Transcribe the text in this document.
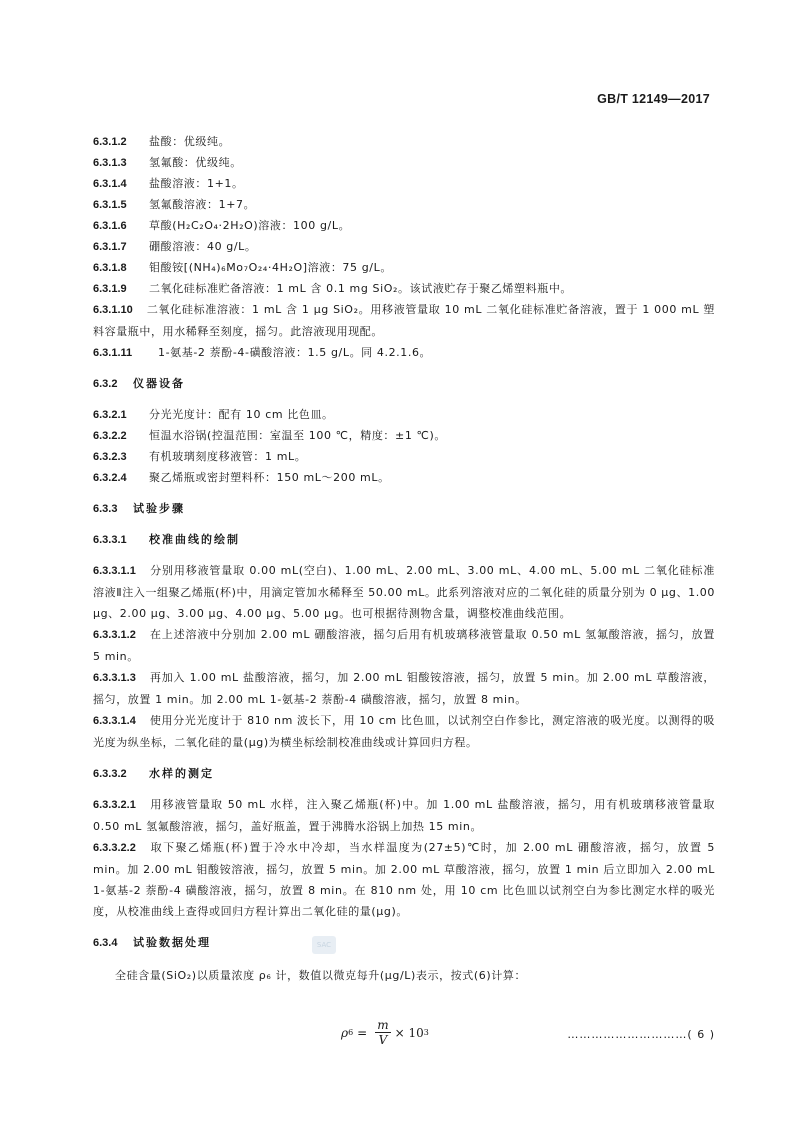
GB/T 12149—2017
6.3.1.2 盐酸：优级纯。
6.3.1.3 氢氟酸：优级纯。
6.3.1.4 盐酸溶液：1+1。
6.3.1.5 氢氟酸溶液：1+7。
6.3.1.6 草酸(H₂C₂O₄·2H₂O)溶液：100 g/L。
6.3.1.7 硼酸溶液：40 g/L。
6.3.1.8 钼酸铵[(NH₄)₆Mo₇O₂₄·4H₂O]溶液：75 g/L。
6.3.1.9 二氧化硅标准贮备溶液：1 mL 含 0.1 mg SiO₂。该试液贮存于聚乙烯塑料瓶中。
6.3.1.10 二氧化硅标准溶液：1 mL 含 1 μg SiO₂。用移液管量取 10 mL 二氧化硅标准贮备溶液，置于 1 000 mL 塑料容量瓶中，用水稀释至刻度，摇匀。此溶液现用现配。
6.3.1.11 1-氨基-2 萘酚-4-磺酸溶液：1.5 g/L。同 4.2.1.6。
6.3.2 仪器设备
6.3.2.1 分光光度计：配有 10 cm 比色皿。
6.3.2.2 恒温水浴锅(控温范围：室温至 100 ℃，精度：±1 ℃)。
6.3.2.3 有机玻璃刻度移液管：1 mL。
6.3.2.4 聚乙烯瓶或密封塑料杯：150 mL～200 mL。
6.3.3 试验步骤
6.3.3.1 校准曲线的绘制
6.3.3.1.1 分别用移液管量取 0.00 mL(空白)、1.00 mL、2.00 mL、3.00 mL、4.00 mL、5.00 mL 二氧化硅标准溶液Ⅱ注入一组聚乙烯瓶(杯)中，用滴定管加水稀释至 50.00 mL。此系列溶液对应的二氧化硅的质量分别为 0 μg、1.00 μg、2.00 μg、3.00 μg、4.00 μg、5.00 μg。也可根据待测物含量，调整校准曲线范围。
6.3.3.1.2 在上述溶液中分别加 2.00 mL 硼酸溶液，摇匀后用有机玻璃移液管量取 0.50 mL 氢氟酸溶液，摇匀，放置 5 min。
6.3.3.1.3 再加入 1.00 mL 盐酸溶液，摇匀，加 2.00 mL 钼酸铵溶液，摇匀，放置 5 min。加 2.00 mL 草酸溶液，摇匀，放置 1 min。加 2.00 mL 1-氨基-2 萘酚-4 磺酸溶液，摇匀，放置 8 min。
6.3.3.1.4 使用分光光度计于 810 nm 波长下，用 10 cm 比色皿，以试剂空白作参比，测定溶液的吸光度。以测得的吸光度为纵坐标，二氧化硅的量(μg)为横坐标绘制校准曲线或计算回归方程。
6.3.3.2 水样的测定
6.3.3.2.1 用移液管量取 50 mL 水样，注入聚乙烯瓶(杯)中。加 1.00 mL 盐酸溶液，摇匀，用有机玻璃移液管量取 0.50 mL 氢氟酸溶液，摇匀，盖好瓶盖，置于沸腾水浴锅上加热 15 min。
6.3.3.2.2 取下聚乙烯瓶(杯)置于冷水中冷却，当水样温度为(27±5)℃时，加 2.00 mL 硼酸溶液，摇匀，放置 5 min。加 2.00 mL 钼酸铵溶液，摇匀，放置 5 min。加 2.00 mL 草酸溶液，摇匀，放置 1 min 后立即加入 2.00 mL 1-氨基-2 萘酚-4 磺酸溶液，摇匀，放置 8 min。在 810 nm 处，用 10 cm 比色皿以试剂空白为参比测定水样的吸光度，从校准曲线上查得或回归方程计算出二氧化硅的量(μg)。
6.3.4 试验数据处理
全硅含量(SiO₂)以质量浓度 ρ₆ 计，数值以微克每升(μg/L)表示，按式(6)计算：
SAC
ρ $6 = \frac{m}{V} \times 10$ 3	…………………………( 6 )
